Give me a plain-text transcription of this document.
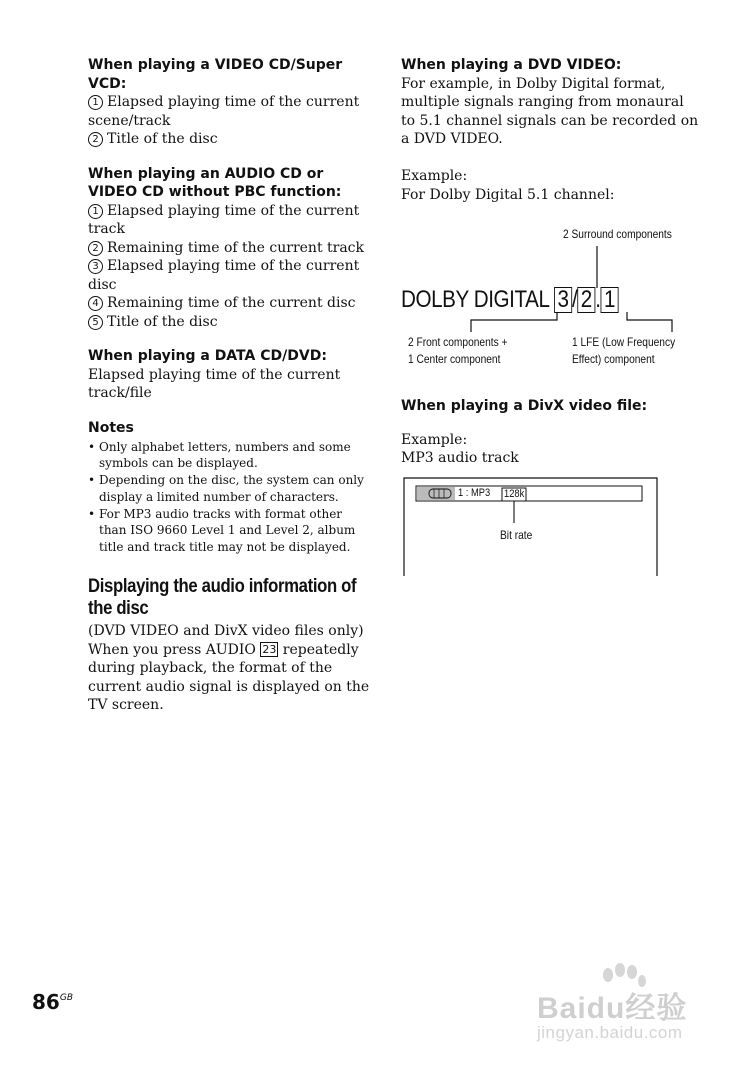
When playing a VIDEO CD/Super VCD:

1 Elapsed playing time of the current scene/track

2 Title of the disc

When playing an AUDIO CD or VIDEO CD without PBC function:

1 Elapsed playing time of the current track

2 Remaining time of the current track

3 Elapsed playing time of the current disc

4 Remaining time of the current disc

5 Title of the disc

When playing a DATA CD/DVD:

Elapsed playing time of the current track/file

Notes

• Only alphabet letters, numbers and some symbols can be displayed.
• Depending on the disc, the system can only display a limited number of characters.
• For MP3 audio tracks with format other than ISO 9660 Level 1 and Level 2, album title and track title may not be displayed.

Displaying the audio information of the disc

(DVD VIDEO and DivX video files only)

When you press AUDIO 23 repeatedly during playback, the format of the current audio signal is displayed on the TV screen.

When playing a DVD VIDEO:

For example, in Dolby Digital format, multiple signals ranging from monaural to 5.1 channel signals can be recorded on a DVD VIDEO.

Example:

For Dolby Digital 5.1 channel:

2 Surround components
DOLBY DIGITAL 3 / 2 . 1
2 Front components +
1 Center component
1 LFE (Low Frequency
Effect) component

When playing a DivX video file:

Example:

MP3 audio track

1 : MP3 128k
Bit rate
$86^{GB}$	Baidu经验
jingyan.baidu.com
